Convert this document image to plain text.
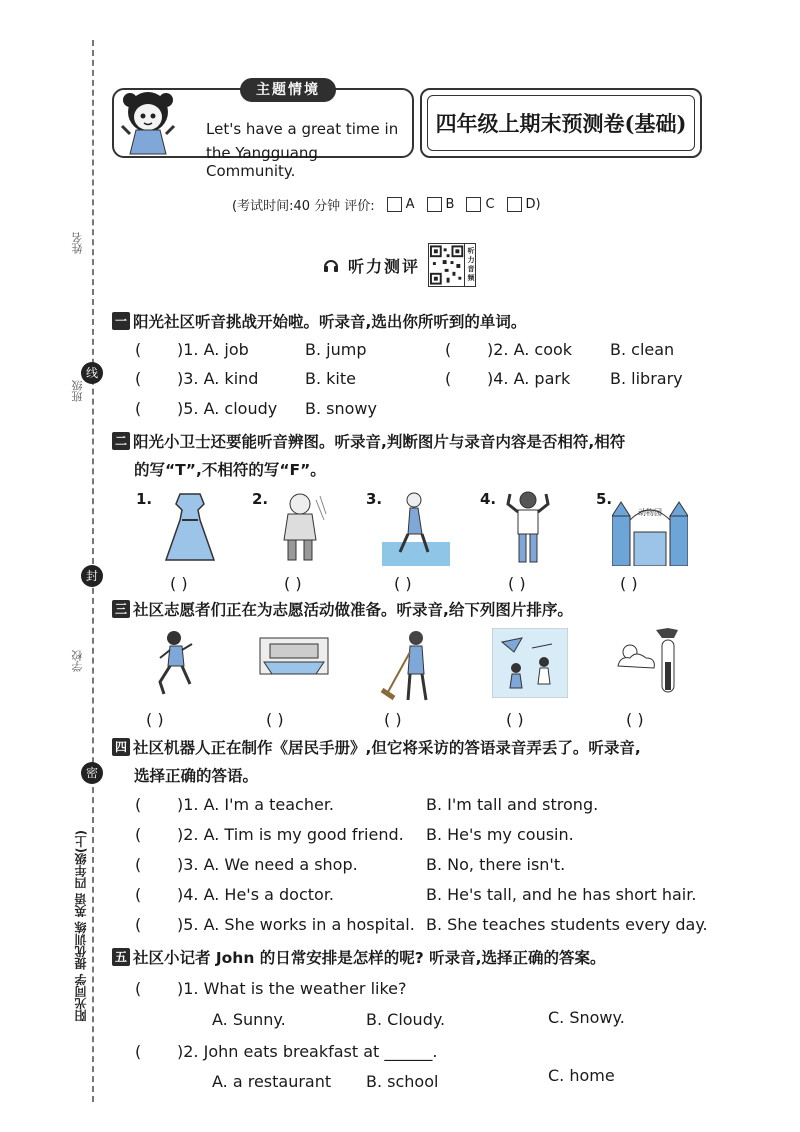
姓名
线
班级
封
学校
密
阳光同学 提优训练 英语 四年级(上)
Let's have a great time in
the Yangguang Community.
主题情境
四年级上期末预测卷(基础)
(考试时间:40 分钟 评价: A B C D)
听力测评	听力音频
一 阳光社区听音挑战开始啦。听录音,选出你所听到的单词。
( )1. A. job	B. jump	( )2. A. cook B. clean
( )3. A. kind	B. kite	( )4. A. park B. library
( )5. A. cloudy B. snowy
二 阳光小卫士还要能听音辨图。听录音,判断图片与录音内容是否相符,相符
的写“T”,不相符的写“F”。
1.	2.	3.	4.	5.
动物园
( )	( )	( )	( )	( )
三 社区志愿者们正在为志愿活动做准备。听录音,给下列图片排序。
( )	( )	( )	( )	( )
四 社区机器人正在制作《居民手册》,但它将采访的答语录音弄丢了。听录音,
选择正确的答语。
( )1. A. I'm a teacher.	B. I'm tall and strong.
( )2. A. Tim is my good friend. B. He's my cousin.
( )3. A. We need a shop.	B. No, there isn't.
( )4. A. He's a doctor.	B. He's tall, and he has short hair.
( )5. A. She works in a hospital. B. She teaches students every day.
五 社区小记者 John 的日常安排是怎样的呢? 听录音,选择正确的答案。
( )1. What is the weather like?
A. Sunny.	B. Cloudy.	C. Snowy.
( )2. John eats breakfast at ______.
A. a restaurant B. school	C. home
